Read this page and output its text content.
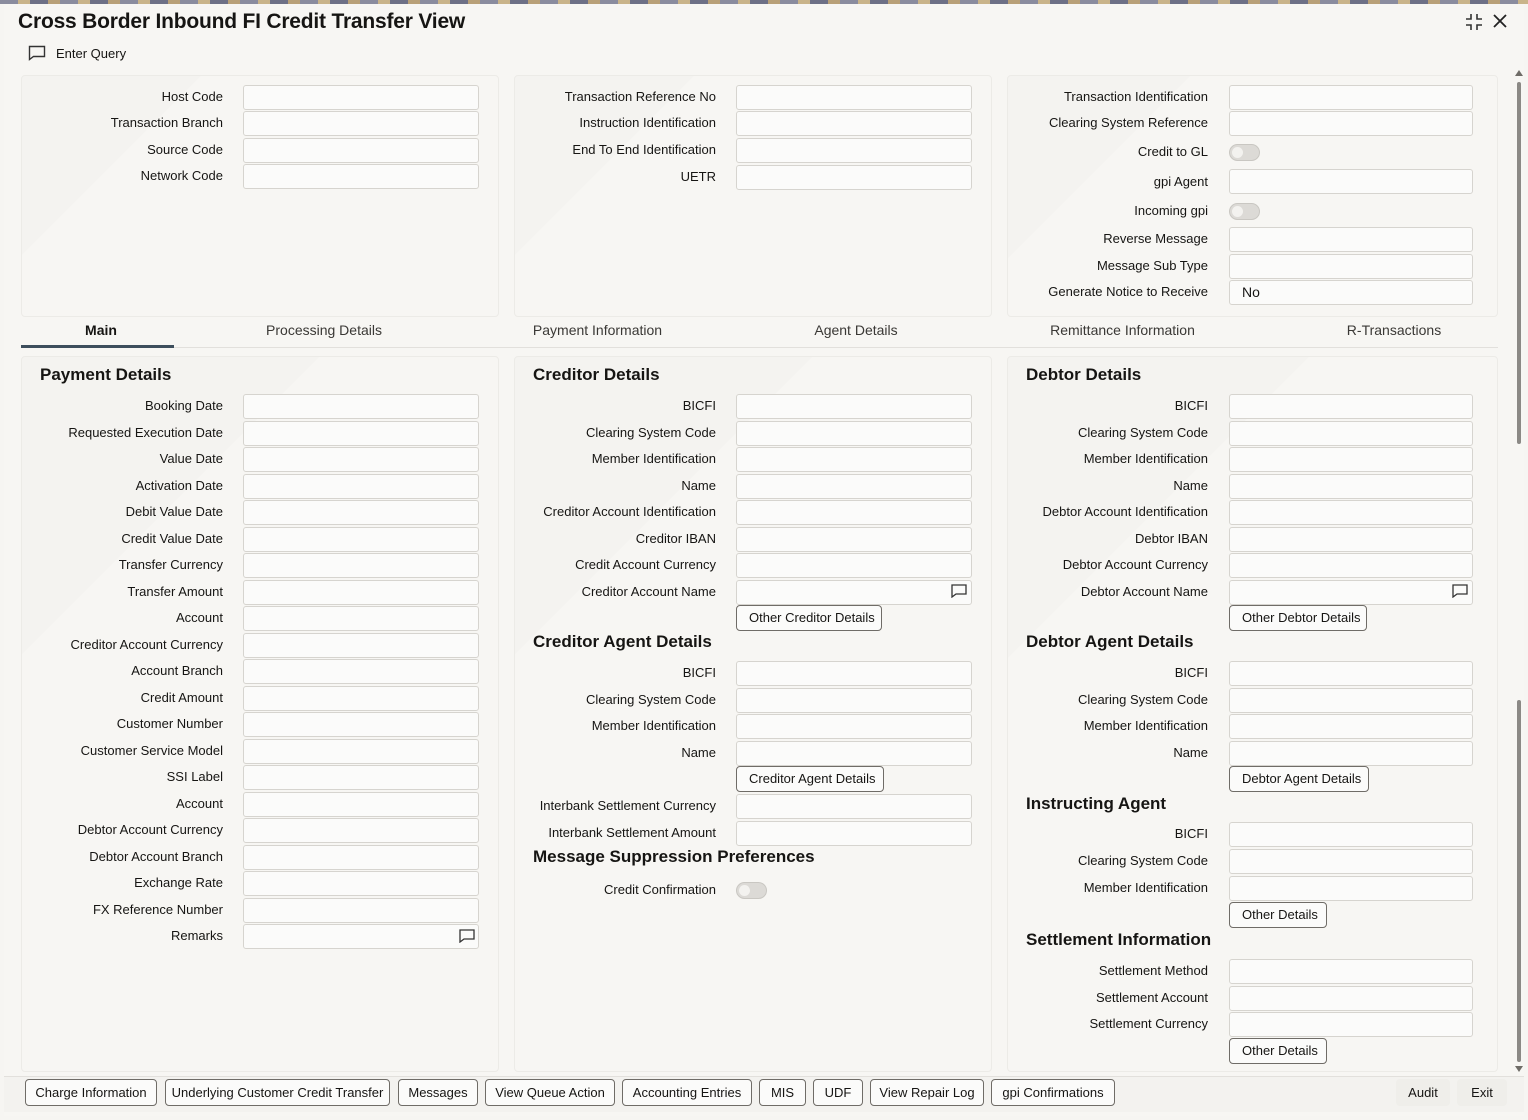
Cross Border Inbound FI Credit Transfer View
Enter Query
Host Code
Transaction Branch
Source Code
Network Code
Transaction Reference No
Instruction Identification
End To End Identification
UETR
Transaction Identification
Clearing System Reference
Credit to GL
gpi Agent
Incoming gpi
Reverse Message
Message Sub Type
Generate Notice to Receive	No
Main	Processing Details	Payment Information	Agent Details	Remittance Information	R-Transactions
Payment Details
Booking Date
Requested Execution Date
Value Date
Activation Date
Debit Value Date
Credit Value Date
Transfer Currency
Transfer Amount
Account
Creditor Account Currency
Account Branch
Credit Amount
Customer Number
Customer Service Model
SSI Label
Account
Debtor Account Currency
Debtor Account Branch
Exchange Rate
FX Reference Number
Remarks
Creditor Details
BICFI
Clearing System Code
Member Identification
Name
Creditor Account Identification
Creditor IBAN
Credit Account Currency
Creditor Account Name
Other Creditor Details
Creditor Agent Details
BICFI
Clearing System Code
Member Identification
Name
Creditor Agent Details
Interbank Settlement Currency
Interbank Settlement Amount
Message Suppression Preferences
Credit Confirmation
Debtor Details
BICFI
Clearing System Code
Member Identification
Name
Debtor Account Identification
Debtor IBAN
Debtor Account Currency
Debtor Account Name
Other Debtor Details
Debtor Agent Details
BICFI
Clearing System Code
Member Identification
Name
Debtor Agent Details
Instructing Agent
BICFI
Clearing System Code
Member Identification
Other Details
Settlement Information
Settlement Method
Settlement Account
Settlement Currency
Other Details
Charge Information	Underlying Customer Credit Transfer	Messages	View Queue Action	Accounting Entries	MIS	UDF	View Repair Log	gpi Confirmations	Audit	Exit
